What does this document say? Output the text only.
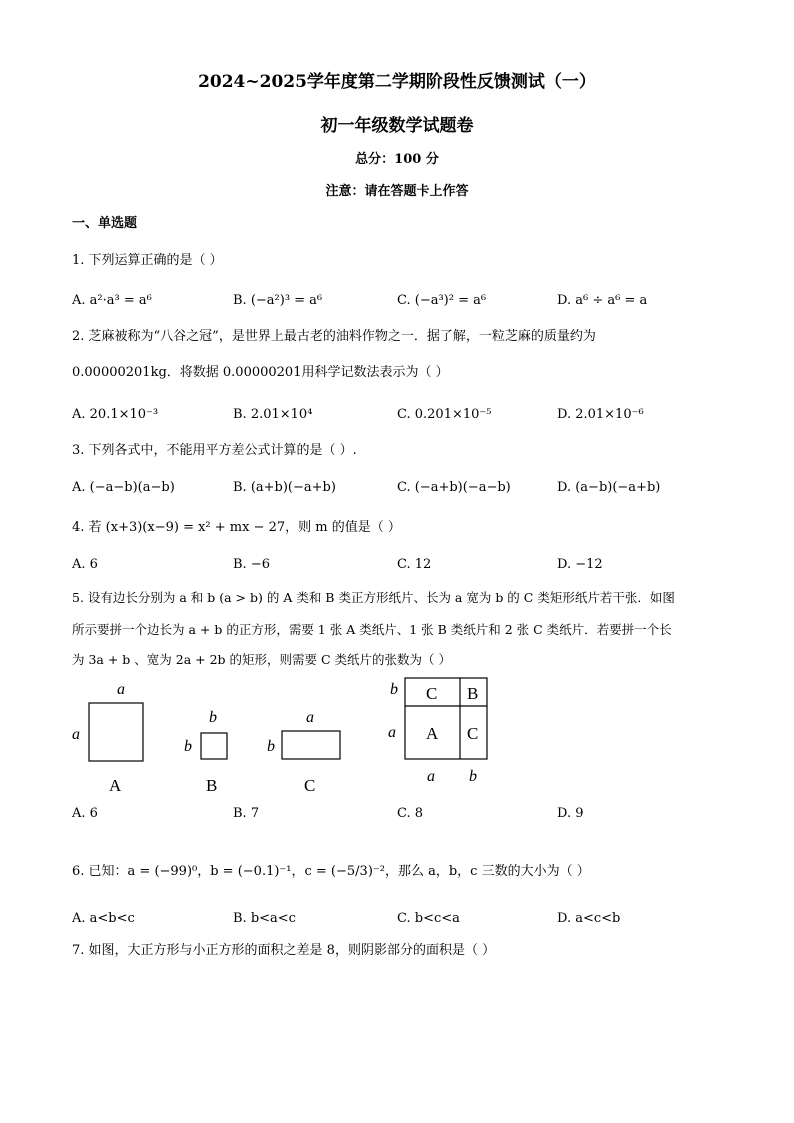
2024~2025学年度第二学期阶段性反馈测试（一）
初一年级数学试题卷
总分：100 分
注意：请在答题卡上作答
一、单选题
1. 下列运算正确的是（ ）
A. a²·a³ = a⁶	B. (−a²)³ = a⁶	C. (−a³)² = a⁶	D. a⁶ ÷ a⁶ = a
2. 芝麻被称为“八谷之冠”，是世界上最古老的油料作物之一．据了解，一粒芝麻的质量约为
0.00000201kg．将数据 0.00000201用科学记数法表示为（ ）
A. 20.1×10⁻³	B. 2.01×10⁴	C. 0.201×10⁻⁵	D. 2.01×10⁻⁶
3. 下列各式中，不能用平方差公式计算的是（ ）.
A. (−a−b)(a−b)	B. (a+b)(−a+b)	C. (−a+b)(−a−b)	D. (a−b)(−a+b)
4. 若 (x+3)(x−9) = x² + mx − 27，则 m 的值是（ ）
A. 6	B. −6	C. 12	D. −12
5. 设有边长分别为 a 和 b (a > b) 的 A 类和 B 类正方形纸片、长为 a 宽为 b 的 C 类矩形纸片若干张．如图
所示要拼一个边长为 a + b 的正方形，需要 1 张 A 类纸片、1 张 B 类纸片和 2 张 C 类纸片．若要拼一个长
为 3a + b 、宽为 2a + 2b 的矩形，则需要 C 类纸片的张数为（ ）
a
a
A
b
b
B
a
b
C
b
a
C B
A C
a b
A. 6	B. 7	C. 8	D. 9
6. 已知：a = (−99)⁰，b = (−0.1)⁻¹，c = (−5/3)⁻²，那么 a，b，c 三数的大小为（ ）
A. a<b<c	B. b<a<c	C. b<c<a	D. a<c<b
7. 如图，大正方形与小正方形的面积之差是 8，则阴影部分的面积是（ ）
